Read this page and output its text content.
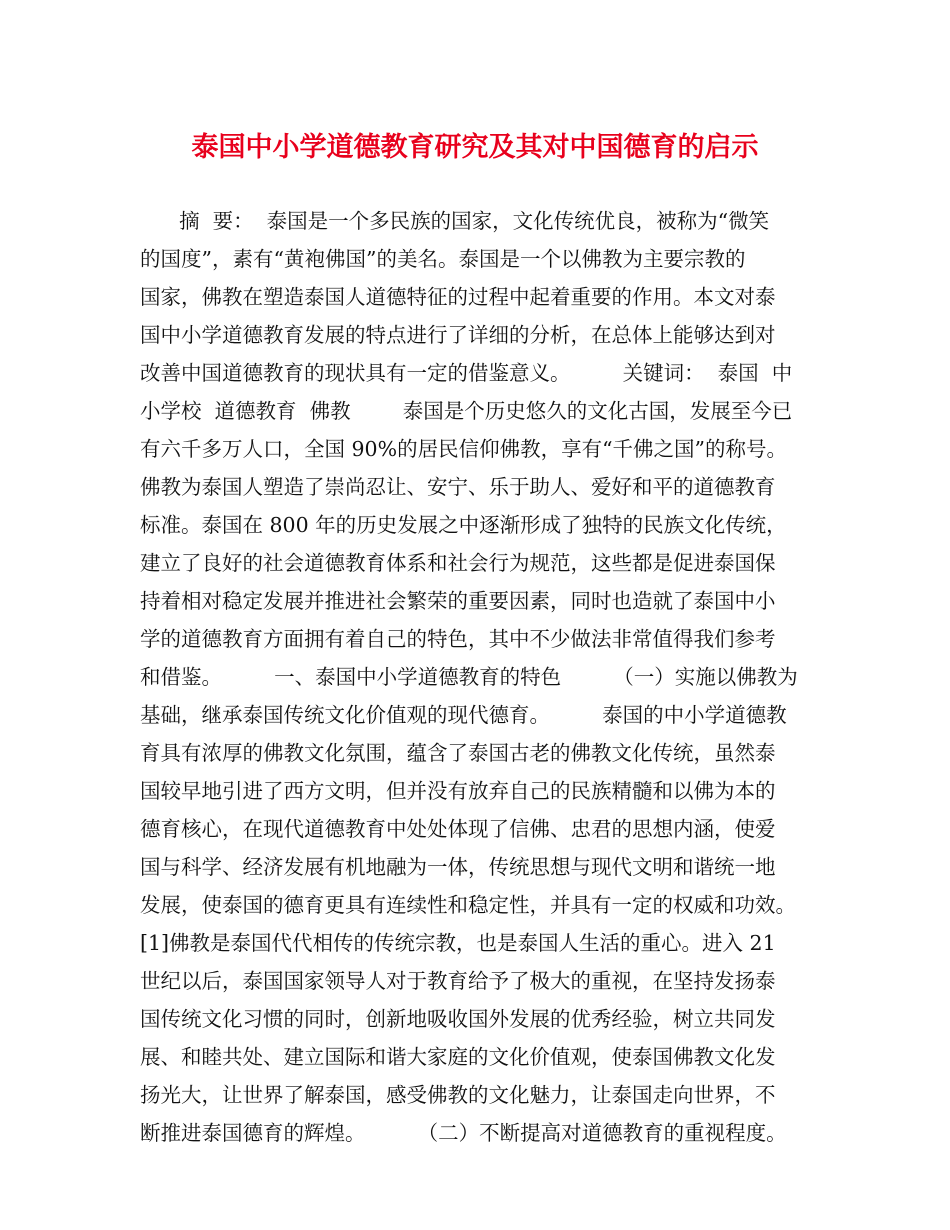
泰国中小学道德教育研究及其对中国德育的启示
摘  要：  泰国是一个多民族的国家，文化传统优良，被称为“微笑
的国度”，素有“黄袍佛国”的美名。泰国是一个以佛教为主要宗教的
国家，佛教在塑造泰国人道德特征的过程中起着重要的作用。本文对泰
国中小学道德教育发展的特点进行了详细的分析，在总体上能够达到对
改善中国道德教育的现状具有一定的借鉴意义。        关键词：  泰国  中
小学校  道德教育  佛教        泰国是个历史悠久的文化古国，发展至今已
有六千多万人口，全国 90%的居民信仰佛教，享有“千佛之国”的称号。
佛教为泰国人塑造了崇尚忍让、安宁、乐于助人、爱好和平的道德教育
标准。泰国在 800 年的历史发展之中逐渐形成了独特的民族文化传统，
建立了良好的社会道德教育体系和社会行为规范，这些都是促进泰国保
持着相对稳定发展并推进社会繁荣的重要因素，同时也造就了泰国中小
学的道德教育方面拥有着自己的特色，其中不少做法非常值得我们参考
和借鉴。        一、泰国中小学道德教育的特色        （一）实施以佛教为
基础，继承泰国传统文化价值观的现代德育。        泰国的中小学道德教
育具有浓厚的佛教文化氛围，蕴含了泰国古老的佛教文化传统，虽然泰
国较早地引进了西方文明，但并没有放弃自己的民族精髓和以佛为本的
德育核心，在现代道德教育中处处体现了信佛、忠君的思想内涵，使爱
国与科学、经济发展有机地融为一体，传统思想与现代文明和谐统一地
发展，使泰国的德育更具有连续性和稳定性，并具有一定的权威和功效。
[1]佛教是泰国代代相传的传统宗教，也是泰国人生活的重心。进入 21
世纪以后，泰国国家领导人对于教育给予了极大的重视，在坚持发扬泰
国传统文化习惯的同时，创新地吸收国外发展的优秀经验，树立共同发
展、和睦共处、建立国际和谐大家庭的文化价值观，使泰国佛教文化发
扬光大，让世界了解泰国，感受佛教的文化魅力，让泰国走向世界，不
断推进泰国德育的辉煌。        （二）不断提高对道德教育的重视程度。
